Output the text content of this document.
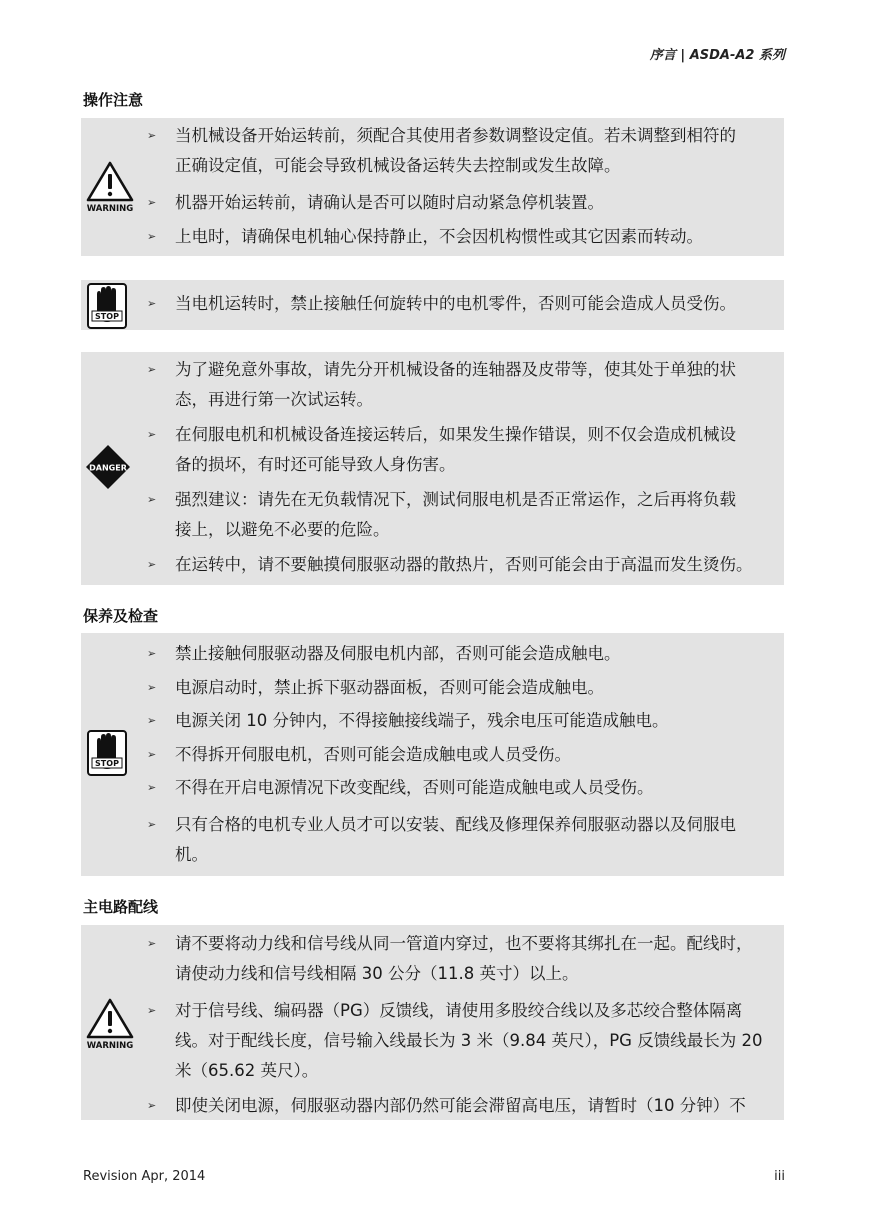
序言 | ASDA-A2 系列
操作注意
WARNING
➢ 当机械设备开始运转前，须配合其使用者参数调整设定值。若未调整到相符的
正确设定值，可能会导致机械设备运转失去控制或发生故障。
➢ 机器开始运转前，请确认是否可以随时启动紧急停机装置。
➢ 上电时，请确保电机轴心保持静止，不会因机构惯性或其它因素而转动。
STOP
➢ 当电机运转时，禁止接触任何旋转中的电机零件，否则可能会造成人员受伤。
DANGER
➢ 为了避免意外事故，请先分开机械设备的连轴器及皮带等，使其处于单独的状
态，再进行第一次试运转。
➢ 在伺服电机和机械设备连接运转后，如果发生操作错误，则不仅会造成机械设
备的损坏，有时还可能导致人身伤害。
➢ 强烈建议：请先在无负载情况下，测试伺服电机是否正常运作，之后再将负载
接上，以避免不必要的危险。
➢ 在运转中，请不要触摸伺服驱动器的散热片，否则可能会由于高温而发生烫伤。
保养及检查
STOP
➢ 禁止接触伺服驱动器及伺服电机内部，否则可能会造成触电。
➢ 电源启动时，禁止拆下驱动器面板，否则可能会造成触电。
➢ 电源关闭 10 分钟内，不得接触接线端子，残余电压可能造成触电。
➢ 不得拆开伺服电机，否则可能会造成触电或人员受伤。
➢ 不得在开启电源情况下改变配线，否则可能造成触电或人员受伤。
➢ 只有合格的电机专业人员才可以安装、配线及修理保养伺服驱动器以及伺服电
机。
主电路配线
WARNING
➢ 请不要将动力线和信号线从同一管道内穿过，也不要将其绑扎在一起。配线时，
请使动力线和信号线相隔 30 公分（11.8 英寸）以上。
➢ 对于信号线、编码器（PG）反馈线，请使用多股绞合线以及多芯绞合整体隔离
线。对于配线长度，信号输入线最长为 3 米（9.84 英尺），PG 反馈线最长为 20
米（65.62 英尺）。
➢ 即使关闭电源，伺服驱动器内部仍然可能会滞留高电压，请暂时（10 分钟）不
Revision Apr, 2014	iii
